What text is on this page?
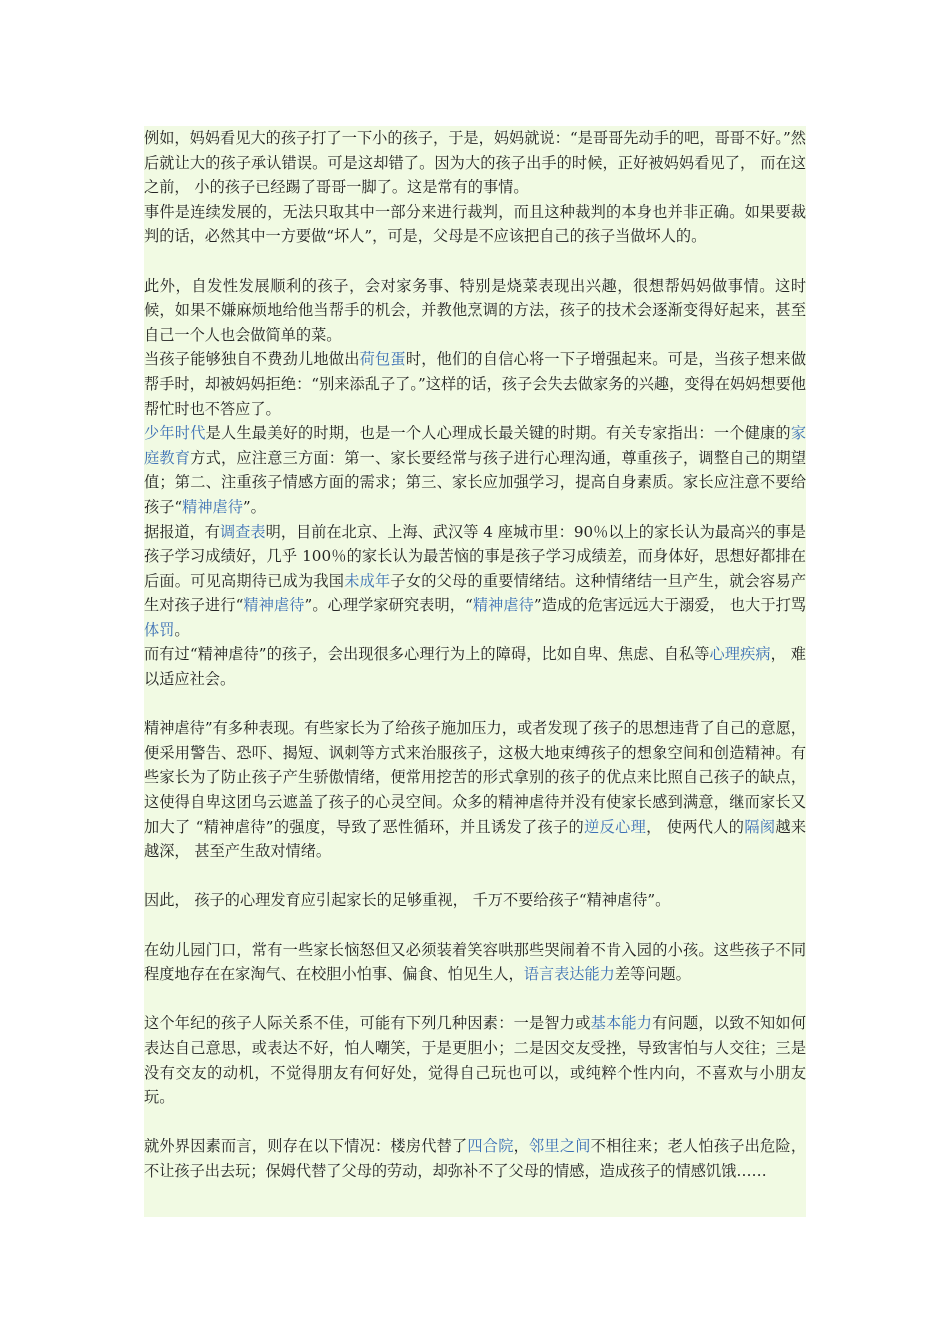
例如，妈妈看见大的孩子打了一下小的孩子，于是，妈妈就说：“是哥哥先动手的吧，哥哥不好。”然后就让大的孩子承认错误。可是这却错了。因为大的孩子出手的时候，正好被妈妈看见了， 而在这之前， 小的孩子已经踢了哥哥一脚了。这是常有的事情。

事件是连续发展的，无法只取其中一部分来进行裁判，而且这种裁判的本身也并非正确。如果要裁判的话，必然其中一方要做“坏人”，可是，父母是不应该把自己的孩子当做坏人的。

此外，自发性发展顺利的孩子，会对家务事、特别是烧菜表现出兴趣，很想帮妈妈做事情。这时候，如果不嫌麻烦地给他当帮手的机会，并教他烹调的方法，孩子的技术会逐渐变得好起来，甚至自己一个人也会做简单的菜。

当孩子能够独自不费劲儿地做出荷包蛋时，他们的自信心将一下子增强起来。可是，当孩子想来做帮手时，却被妈妈拒绝：“别来添乱子了。”这样的话，孩子会失去做家务的兴趣，变得在妈妈想要他帮忙时也不答应了。

少年时代是人生最美好的时期，也是一个人心理成长最关键的时期。有关专家指出：一个健康的家庭教育方式，应注意三方面：第一、家长要经常与孩子进行心理沟通，尊重孩子，调整自己的期望值；第二、注重孩子情感方面的需求；第三、家长应加强学习，提高自身素质。家长应注意不要给孩子“精神虐待”。

据报道，有调查表明，目前在北京、上海、武汉等 4 座城市里：90％以上的家长认为最高兴的事是孩子学习成绩好，几乎 100％的家长认为最苦恼的事是孩子学习成绩差，而身体好，思想好都排在后面。可见高期待已成为我国未成年子女的父母的重要情绪结。这种情绪结一旦产生，就会容易产生对孩子进行“精神虐待”。心理学家研究表明，“精神虐待”造成的危害远远大于溺爱， 也大于打骂体罚。

而有过“精神虐待”的孩子，会出现很多心理行为上的障碍，比如自卑、焦虑、自私等心理疾病， 难以适应社会。

精神虐待”有多种表现。有些家长为了给孩子施加压力，或者发现了孩子的思想违背了自己的意愿，便采用警告、恐吓、揭短、讽刺等方式来治服孩子，这极大地束缚孩子的想象空间和创造精神。有些家长为了防止孩子产生骄傲情绪，便常用挖苦的形式拿别的孩子的优点来比照自己孩子的缺点，这使得自卑这团乌云遮盖了孩子的心灵空间。众多的精神虐待并没有使家长感到满意，继而家长又加大了 “精神虐待”的强度，导致了恶性循环，并且诱发了孩子的逆反心理， 使两代人的隔阂越来越深， 甚至产生敌对情绪。

因此， 孩子的心理发育应引起家长的足够重视， 千万不要给孩子“精神虐待”。

在幼儿园门口，常有一些家长恼怒但又必须装着笑容哄那些哭闹着不肯入园的小孩。这些孩子不同程度地存在在家淘气、在校胆小怕事、偏食、怕见生人，语言表达能力差等问题。

这个年纪的孩子人际关系不佳，可能有下列几种因素：一是智力或基本能力有问题，以致不知如何表达自己意思，或表达不好，怕人嘲笑，于是更胆小；二是因交友受挫，导致害怕与人交往；三是没有交友的动机，不觉得朋友有何好处，觉得自己玩也可以，或纯粹个性内向，不喜欢与小朋友玩。

就外界因素而言，则存在以下情况：楼房代替了四合院，邻里之间不相往来；老人怕孩子出危险，不让孩子出去玩；保姆代替了父母的劳动，却弥补不了父母的情感，造成孩子的情感饥饿……
